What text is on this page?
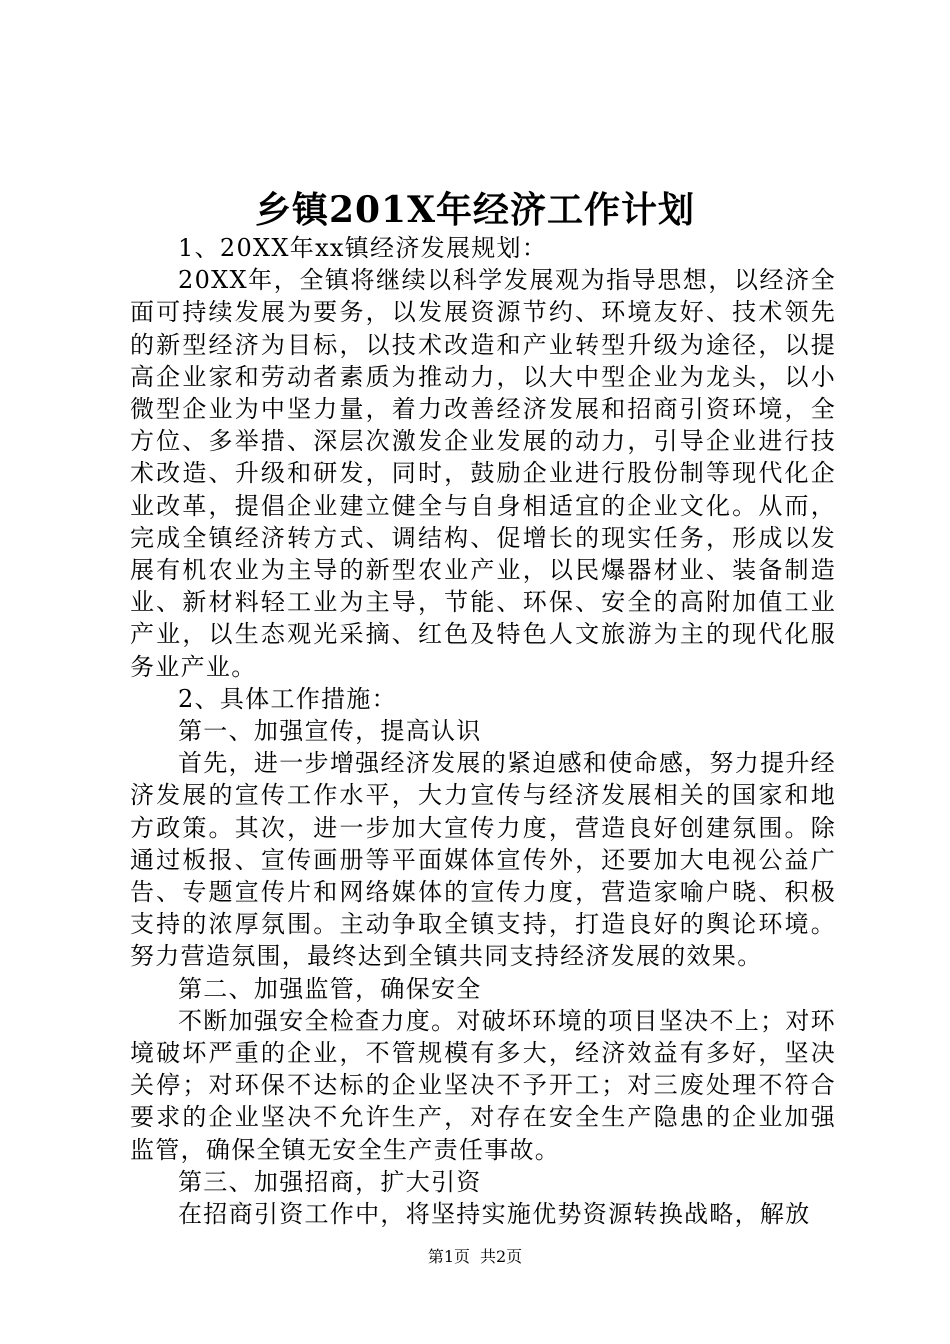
乡镇201X年经济工作计划

1、20XX年xx镇经济发展规划：

20XX年，全镇将继续以科学发展观为指导思想，以经济全面可持续发展为要务，以发展资源节约、环境友好、技术领先的新型经济为目标，以技术改造和产业转型升级为途径，以提高企业家和劳动者素质为推动力，以大中型企业为龙头，以小微型企业为中坚力量，着力改善经济发展和招商引资环境，全方位、多举措、深层次激发企业发展的动力，引导企业进行技术改造、升级和研发，同时，鼓励企业进行股份制等现代化企业改革，提倡企业建立健全与自身相适宜的企业文化。从而，完成全镇经济转方式、调结构、促增长的现实任务，形成以发展有机农业为主导的新型农业产业，以民爆器材业、装备制造业、新材料轻工业为主导，节能、环保、安全的高附加值工业产业，以生态观光采摘、红色及特色人文旅游为主的现代化服务业产业。

2、具体工作措施：

第一、加强宣传，提高认识

首先，进一步增强经济发展的紧迫感和使命感，努力提升经济发展的宣传工作水平，大力宣传与经济发展相关的国家和地方政策。其次，进一步加大宣传力度，营造良好创建氛围。除通过板报、宣传画册等平面媒体宣传外，还要加大电视公益广告、专题宣传片和网络媒体的宣传力度，营造家喻户晓、积极支持的浓厚氛围。主动争取全镇支持，打造良好的舆论环境。努力营造氛围，最终达到全镇共同支持经济发展的效果。

第二、加强监管，确保安全

不断加强安全检查力度。对破坏环境的项目坚决不上；对环境破坏严重的企业，不管规模有多大，经济效益有多好，坚决关停；对环保不达标的企业坚决不予开工；对三废处理不符合要求的企业坚决不允许生产，对存在安全生产隐患的企业加强监管，确保全镇无安全生产责任事故。

第三、加强招商，扩大引资

在招商引资工作中，将坚持实施优势资源转换战略，解放

第1页 共2页
